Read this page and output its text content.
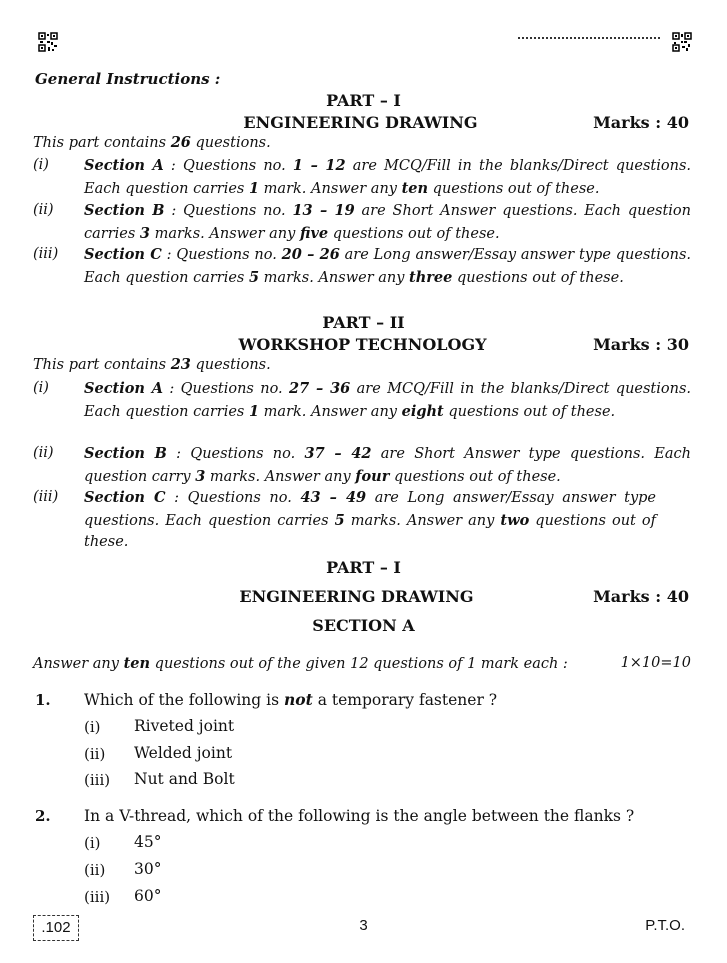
General Instructions :
PART – I
ENGINEERING DRAWING	Marks : 40
This part contains 26 questions.
(i) Section A : Questions no. 1 – 12 are MCQ/Fill in the blanks/Direct questions. Each question carries 1 mark. Answer any ten questions out of these.
(ii) Section B : Questions no. 13 – 19 are Short Answer questions. Each question carries 3 marks. Answer any five questions out of these.
(iii) Section C : Questions no. 20 – 26 are Long answer/Essay answer type questions. Each question carries 5 marks. Answer any three questions out of these.
PART – II
WORKSHOP TECHNOLOGY	Marks : 30
This part contains 23 questions.
(i) Section A : Questions no. 27 – 36 are MCQ/Fill in the blanks/Direct questions. Each question carries 1 mark. Answer any eight questions out of these.
(ii) Section B : Questions no. 37 – 42 are Short Answer type questions. Each question carry 3 marks. Answer any four questions out of these.
(iii) Section C : Questions no. 43 – 49 are Long answer/Essay answer type questions. Each question carries 5 marks. Answer any two questions out of these.
PART – I
ENGINEERING DRAWING	Marks : 40
SECTION A
Answer any ten questions out of the given 12 questions of 1 mark each :	1×10=10
1. Which of the following is not a temporary fastener ?
(i) Riveted joint
(ii) Welded joint
(iii) Nut and Bolt
2. In a V-thread, which of the following is the angle between the flanks ?
(i) 45°
(ii) 30°
(iii) 60°
.102	3	P.T.O.
